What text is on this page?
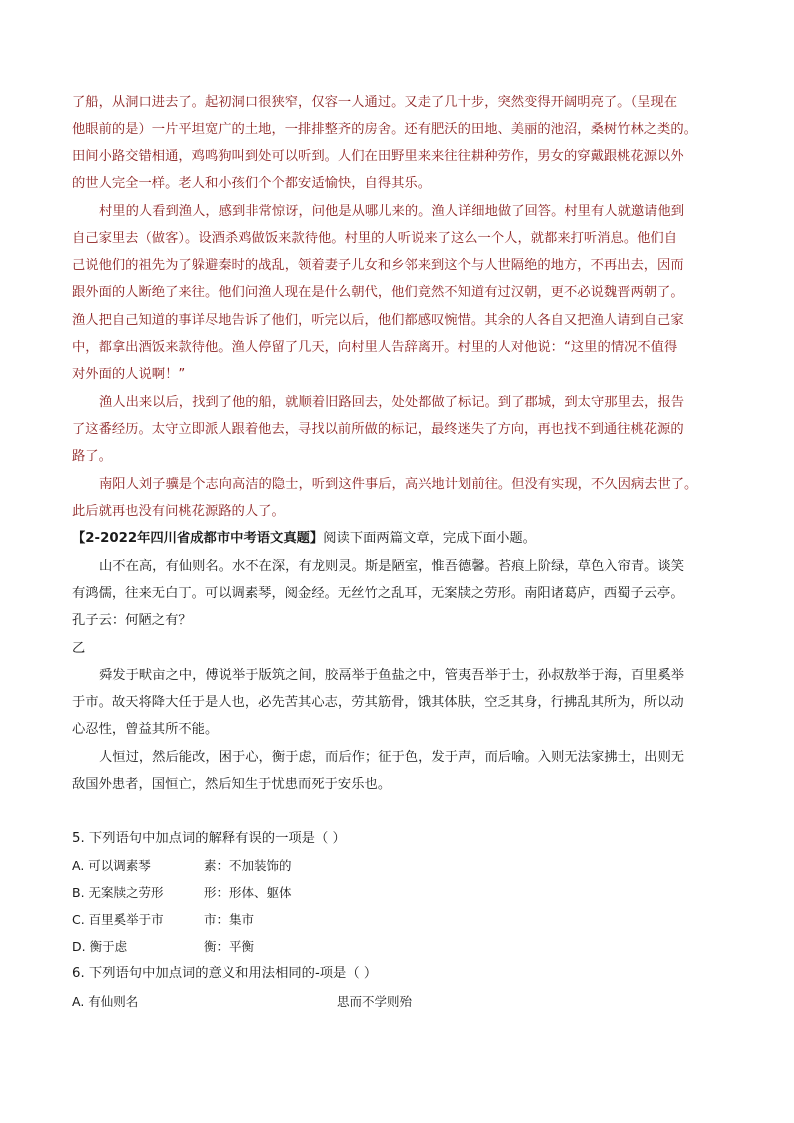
了船，从洞口进去了。起初洞口很狭窄，仅容一人通过。又走了几十步，突然变得开阔明亮了。（呈现在
他眼前的是）一片平坦宽广的土地，一排排整齐的房舍。还有肥沃的田地、美丽的池沼，桑树竹林之类的。
田间小路交错相通，鸡鸣狗叫到处可以听到。人们在田野里来来往往耕种劳作，男女的穿戴跟桃花源以外
的世人完全一样。老人和小孩们个个都安适愉快，自得其乐。
村里的人看到渔人，感到非常惊讶，问他是从哪儿来的。渔人详细地做了回答。村里有人就邀请他到
自己家里去（做客）。设酒杀鸡做饭来款待他。村里的人听说来了这么一个人，就都来打听消息。他们自
己说他们的祖先为了躲避秦时的战乱，领着妻子儿女和乡邻来到这个与人世隔绝的地方，不再出去，因而
跟外面的人断绝了来往。他们问渔人现在是什么朝代，他们竟然不知道有过汉朝，更不必说魏晋两朝了。
渔人把自己知道的事详尽地告诉了他们，听完以后，他们都感叹惋惜。其余的人各自又把渔人请到自己家
中，都拿出酒饭来款待他。渔人停留了几天，向村里人告辞离开。村里的人对他说：“这里的情况不值得
对外面的人说啊！”
渔人出来以后，找到了他的船，就顺着旧路回去，处处都做了标记。到了郡城，到太守那里去，报告
了这番经历。太守立即派人跟着他去，寻找以前所做的标记，最终迷失了方向，再也找不到通往桃花源的
路了。
南阳人刘子骥是个志向高洁的隐士，听到这件事后，高兴地计划前往。但没有实现，不久因病去世了。
此后就再也没有问桃花源路的人了。
【2-2022年四川省成都市中考语文真题】阅读下面两篇文章，完成下面小题。
山不在高，有仙则名。水不在深，有龙则灵。斯是陋室，惟吾德馨。苔痕上阶绿，草色入帘青。谈笑
有鸿儒，往来无白丁。可以调素琴，阅金经。无丝竹之乱耳，无案牍之劳形。南阳诸葛庐，西蜀子云亭。
孔子云：何陋之有？
乙
舜发于畎亩之中，傅说举于版筑之间，胶鬲举于鱼盐之中，管夷吾举于士，孙叔敖举于海，百里奚举
于市。故天将降大任于是人也，必先苦其心志，劳其筋骨，饿其体肤，空乏其身，行拂乱其所为，所以动
心忍性，曾益其所不能。
人恒过，然后能改，困于心，衡于虑，而后作；征于色，发于声，而后喻。入则无法家拂士，出则无
敌国外患者，国恒亡，然后知生于忧患而死于安乐也。
5. 下列语句中加点词的解释有误的一项是（ ）
A. 可以调素琴	素：不加装饰的
B. 无案牍之劳形	形：形体、躯体
C. 百里奚举于市	市：集市
D. 衡于虑	衡：平衡
6. 下列语句中加点词的意义和用法相同的-项是（ ）
A. 有仙则名	思而不学则殆
